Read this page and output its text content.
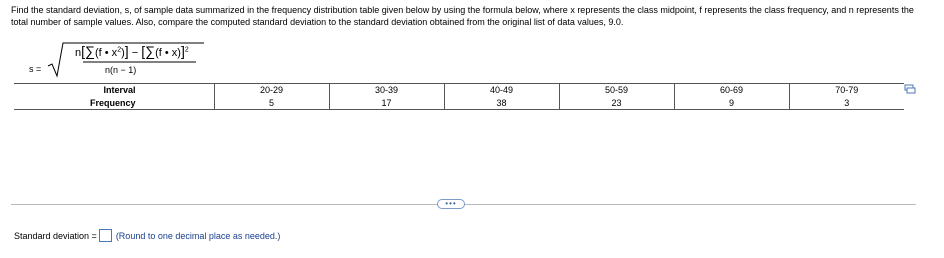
Find the standard deviation, s, of sample data summarized in the frequency distribution table given below by using the formula below, where x represents the class midpoint, f represents the class frequency, and n represents the total number of sample values. Also, compare the computed standard deviation to the standard deviation obtained from the original list of data values, 9.0.
s =
n[∑(f • $x^2)] - [\sum(f$ • x)]$^2$
n(n − 1)
Interval	20-29	30-39	40-49	50-59	60-69	70-79
Frequency	5	17	38	23	9	3
•••
Standard deviation = (Round to one decimal place as needed.)
